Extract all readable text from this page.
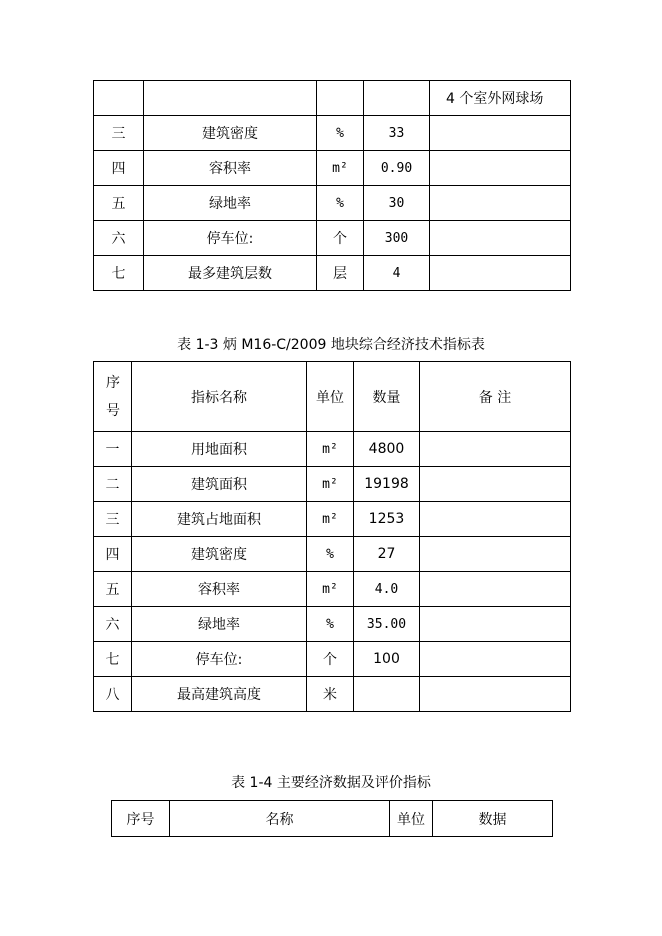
				4 个室外网球场
三	建筑密度	%	33	
四	容积率	m²	0.90	
五	绿地率	%	30	
六	停车位:	个	300	
七	最多建筑层数	层	4	
表 1-3 炳 M16-C/2009 地块综合经济技术指标表
序号	指标名称	单位	数量	备 注
一	用地面积	m²	4800	
二	建筑面积	m²	19198	
三	建筑占地面积	m²	1253	
四	建筑密度	%	27	
五	容积率	m²	4.0	
六	绿地率	%	35.00	
七	停车位:	个	100	
八	最高建筑高度	米		
表 1-4 主要经济数据及评价指标
序号	名称	单位	数据
